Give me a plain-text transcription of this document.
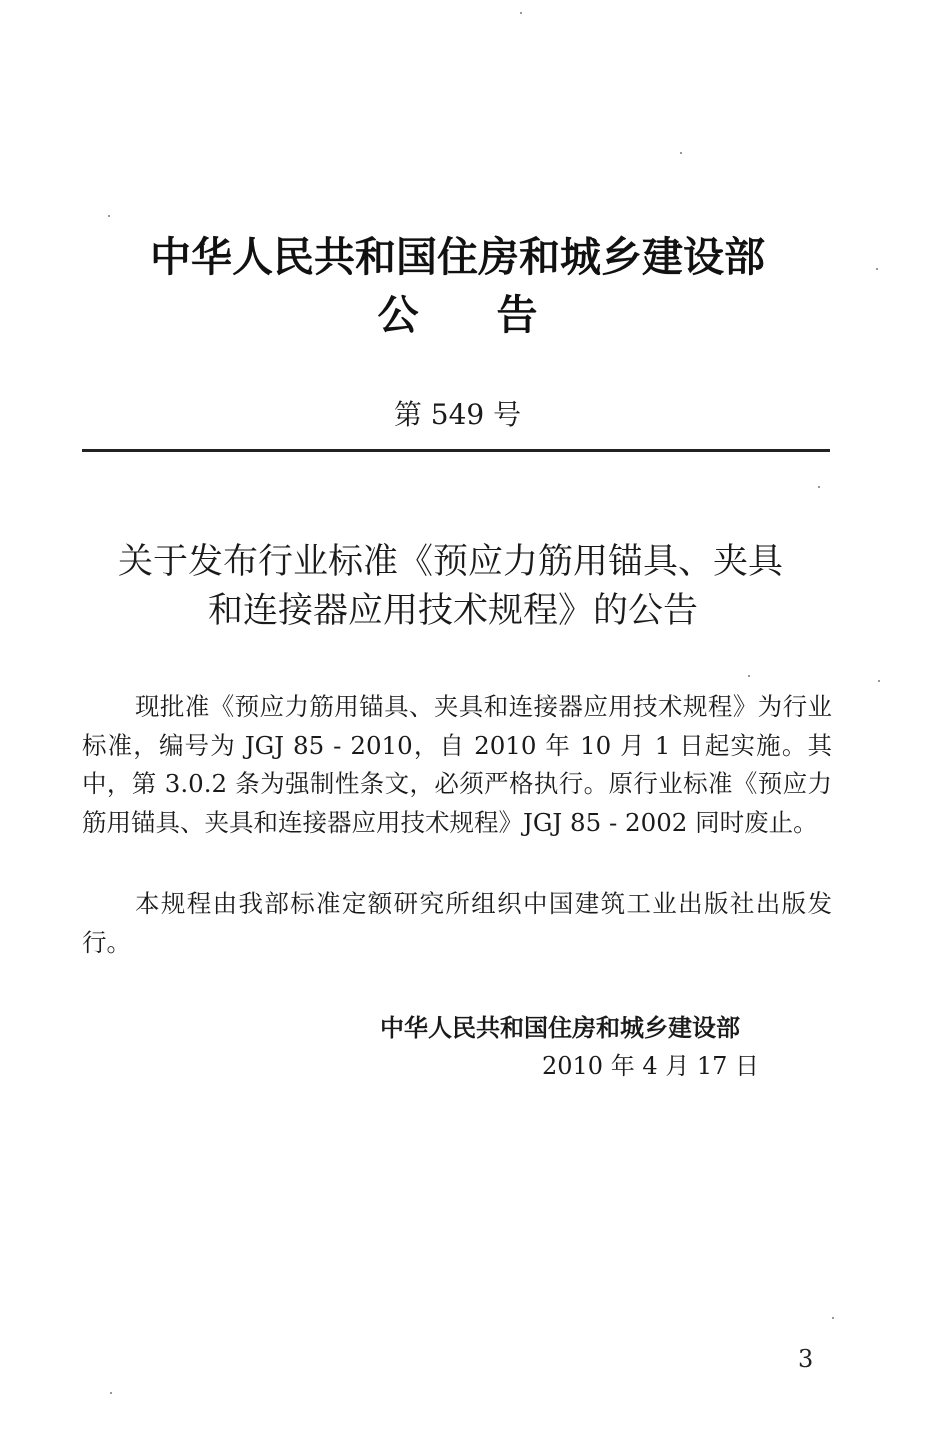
中华人民共和国住房和城乡建设部
公 告
第 549 号
关于发布行业标准《预应力筋用锚具、夹具
和连接器应用技术规程》的公告
现批准《预应力筋用锚具、夹具和连接器应用技术规程》为行业标准，编号为 JGJ 85 - 2010，自 2010 年 10 月 1 日起实施。其中，第 3.0.2 条为强制性条文，必须严格执行。原行业标准《预应力筋用锚具、夹具和连接器应用技术规程》JGJ 85 - 2002 同时废止。
本规程由我部标准定额研究所组织中国建筑工业出版社出版发行。
中华人民共和国住房和城乡建设部
2010 年 4 月 17 日
3
